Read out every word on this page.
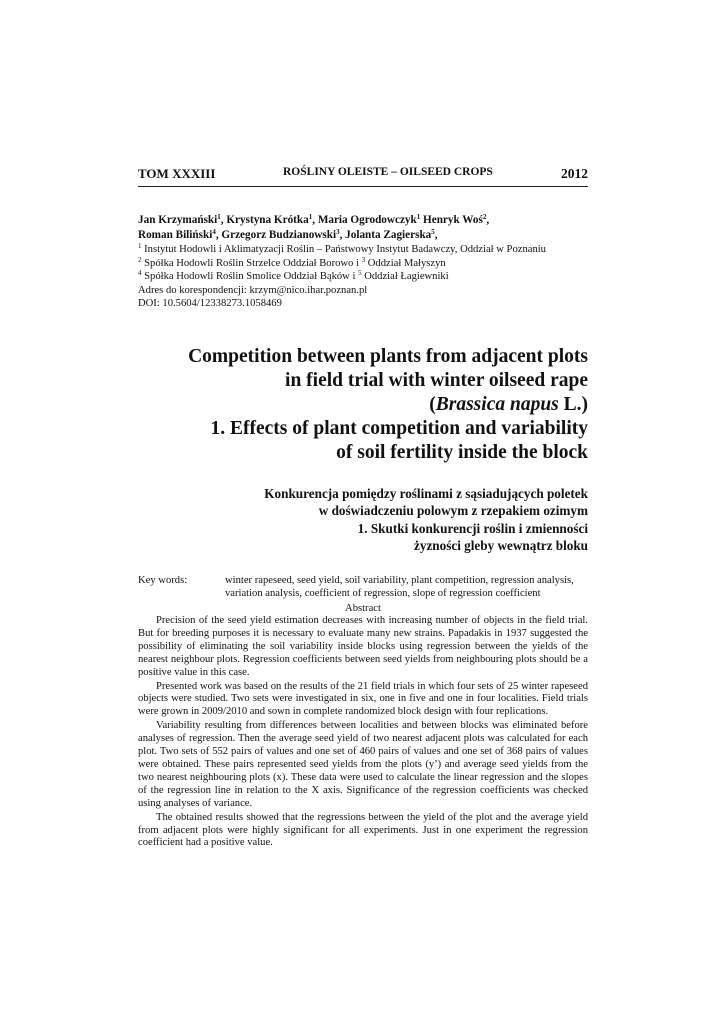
TOM XXXIII	ROŚLINY OLEISTE – OILSEED CROPS	2012
Jan Krzymański$^1$, Krystyna Krótka$^1$, Maria Ogrodowczyk$^1$ Henryk Woś$^2$,
Roman Biliński$^4$, Grzegorz Budzianowski$^3$, Jolanta Zagierska$^5$,
$^1$ Instytut Hodowli i Aklimatyzacji Roślin – Państwowy Instytut Badawczy, Oddział w Poznaniu
$^2$ Spółka Hodowli Roślin Strzelce Oddział Borowo i $^3$ Oddział Małyszyn
$^4$ Spółka Hodowli Roślin Smolice Oddział Bąków i $^5$ Oddział Łagiewniki
Adres do korespondencji: krzym@nico.ihar.poznan.pl
DOI: 10.5604/12338273.1058469
Competition between plants from adjacent plots
in field trial with winter oilseed rape
(Brassica napus L.)
1. Effects of plant competition and variability
of soil fertility inside the block
Konkurencja pomiędzy roślinami z sąsiadujących poletek
w doświadczeniu polowym z rzepakiem ozimym
1. Skutki konkurencji roślin i zmienności
żyzności gleby wewnątrz bloku
Key words:	winter rapeseed, seed yield, soil variability, plant competition, regression analysis, variation analysis, coefficient of regression, slope of regression coefficient
Abstract

Precision of the seed yield estimation decreases with increasing number of objects in the field trial. But for breeding purposes it is necessary to evaluate many new strains. Papadakis in 1937 suggested the possibility of eliminating the soil variability inside blocks using regression between the yields of the nearest neighbour plots. Regression coefficients between seed yields from neighbouring plots should be a positive value in this case.

Presented work was based on the results of the 21 field trials in which four sets of 25 winter rapeseed objects were studied. Two sets were investigated in six, one in five and one in four localities. Field trials were grown in 2009/2010 and sown in complete randomized block design with four replications.

Variability resulting from differences between localities and between blocks was eliminated before analyses of regression. Then the average seed yield of two nearest adjacent plots was calculated for each plot. Two sets of 552 pairs of values and one set of 460 pairs of values and one set of 368 pairs of values were obtained. These pairs represented seed yields from the plots (y’) and average seed yields from the two nearest neighbouring plots (x). These data were used to calculate the linear regression and the slopes of the regression line in relation to the X axis. Significance of the regression coefficients was checked using analyses of variance.

The obtained results showed that the regressions between the yield of the plot and the average yield from adjacent plots were highly significant for all experiments. Just in one experiment the regression coefficient had a positive value.
